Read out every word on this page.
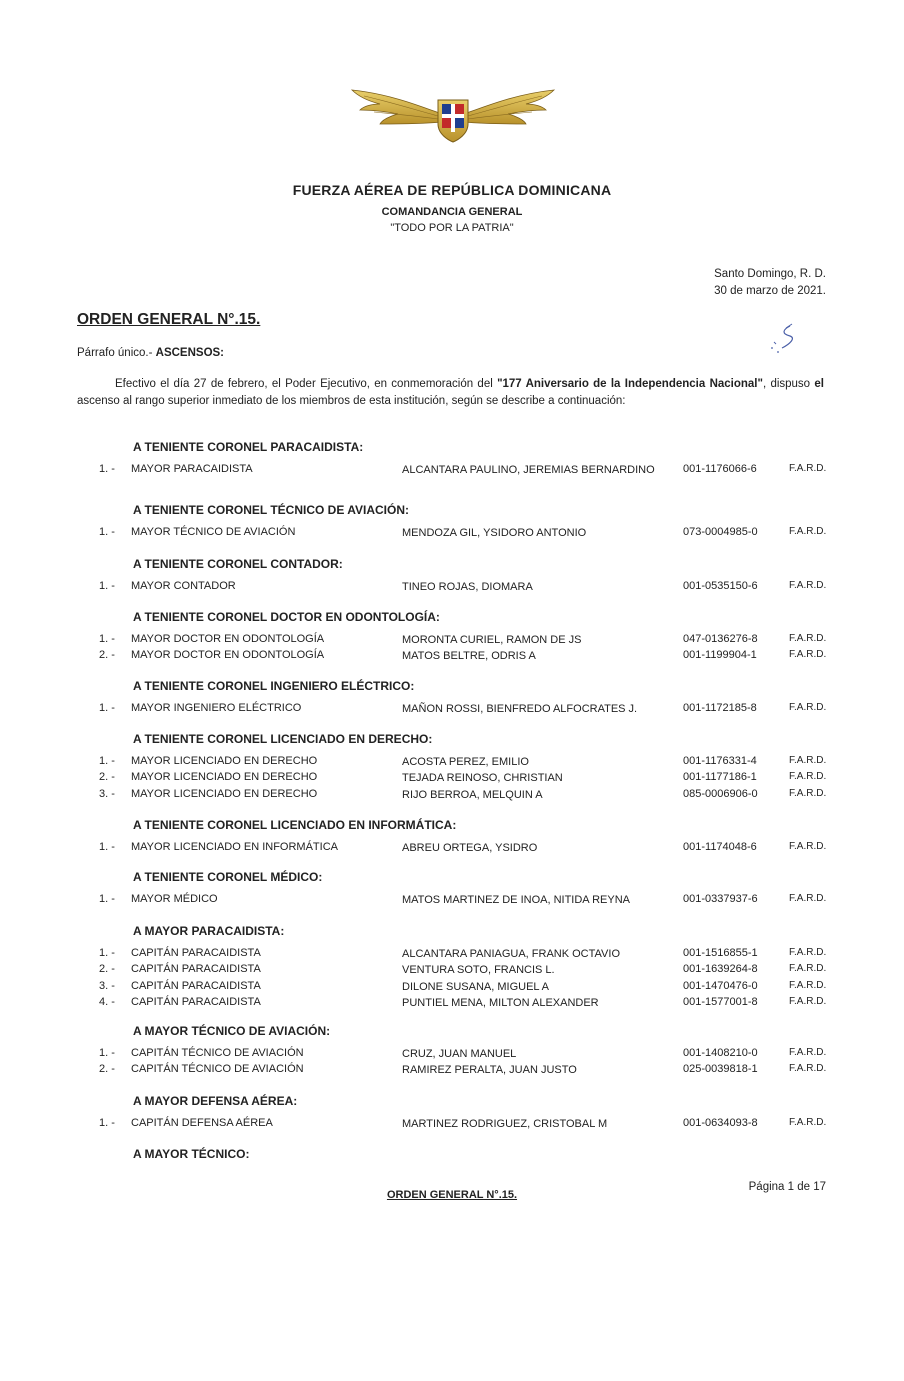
FUERZA AÉREA DE REPÚBLICA DOMINICANA
COMANDANCIA GENERAL
"TODO POR LA PATRIA"
Santo Domingo, R. D.
30 de marzo de 2021.
ORDEN GENERAL N°.15.
Párrafo único.- ASCENSOS:
Efectivo el día 27 de febrero, el Poder Ejecutivo, en conmemoración del "177 Aniversario de la Independencia Nacional", dispuso el ascenso al rango superior inmediato de los miembros de esta institución, según se describe a continuación:
A TENIENTE CORONEL PARACAIDISTA:
1. -	MAYOR PARACAIDISTA	ALCANTARA PAULINO, JEREMIAS BERNARDINO	001-1176066-6	F.A.R.D.
A TENIENTE CORONEL TÉCNICO DE AVIACIÓN:
1. -	MAYOR TÉCNICO DE AVIACIÓN	MENDOZA GIL, YSIDORO ANTONIO	073-0004985-0	F.A.R.D.
A TENIENTE CORONEL CONTADOR:
1. -	MAYOR CONTADOR	TINEO ROJAS, DIOMARA	001-0535150-6	F.A.R.D.
A TENIENTE CORONEL DOCTOR EN ODONTOLOGÍA:
1. -	MAYOR DOCTOR EN ODONTOLOGÍA	MORONTA CURIEL, RAMON DE JS	047-0136276-8	F.A.R.D.
2. -	MAYOR DOCTOR EN ODONTOLOGÍA	MATOS BELTRE, ODRIS A	001-1199904-1	F.A.R.D.
A TENIENTE CORONEL INGENIERO ELÉCTRICO:
1. -	MAYOR INGENIERO ELÉCTRICO	MAÑON ROSSI, BIENFREDO ALFOCRATES J.	001-1172185-8	F.A.R.D.
A TENIENTE CORONEL LICENCIADO EN DERECHO:
1. -	MAYOR LICENCIADO EN DERECHO	ACOSTA PEREZ, EMILIO	001-1176331-4	F.A.R.D.
2. -	MAYOR LICENCIADO EN DERECHO	TEJADA REINOSO, CHRISTIAN	001-1177186-1	F.A.R.D.
3. -	MAYOR LICENCIADO EN DERECHO	RIJO BERROA, MELQUIN A	085-0006906-0	F.A.R.D.
A TENIENTE CORONEL LICENCIADO EN INFORMÁTICA:
1. -	MAYOR LICENCIADO EN INFORMÁTICA	ABREU ORTEGA, YSIDRO	001-1174048-6	F.A.R.D.
A TENIENTE CORONEL MÉDICO:
1. -	MAYOR MÉDICO	MATOS MARTINEZ DE INOA, NITIDA REYNA	001-0337937-6	F.A.R.D.
A MAYOR PARACAIDISTA:
1. -	CAPITÁN PARACAIDISTA	ALCANTARA PANIAGUA, FRANK OCTAVIO	001-1516855-1	F.A.R.D.
2. -	CAPITÁN PARACAIDISTA	VENTURA SOTO, FRANCIS L.	001-1639264-8	F.A.R.D.
3. -	CAPITÁN PARACAIDISTA	DILONE SUSANA, MIGUEL A	001-1470476-0	F.A.R.D.
4. -	CAPITÁN PARACAIDISTA	PUNTIEL MENA, MILTON ALEXANDER	001-1577001-8	F.A.R.D.
A MAYOR TÉCNICO DE AVIACIÓN:
1. -	CAPITÁN TÉCNICO DE AVIACIÓN	CRUZ, JUAN MANUEL	001-1408210-0	F.A.R.D.
2. -	CAPITÁN TÉCNICO DE AVIACIÓN	RAMIREZ PERALTA, JUAN JUSTO	025-0039818-1	F.A.R.D.
A MAYOR DEFENSA AÉREA:
1. -	CAPITÁN DEFENSA AÉREA	MARTINEZ RODRIGUEZ, CRISTOBAL M	001-0634093-8	F.A.R.D.
A MAYOR TÉCNICO:
ORDEN GENERAL N°.15.
Página 1 de 17
